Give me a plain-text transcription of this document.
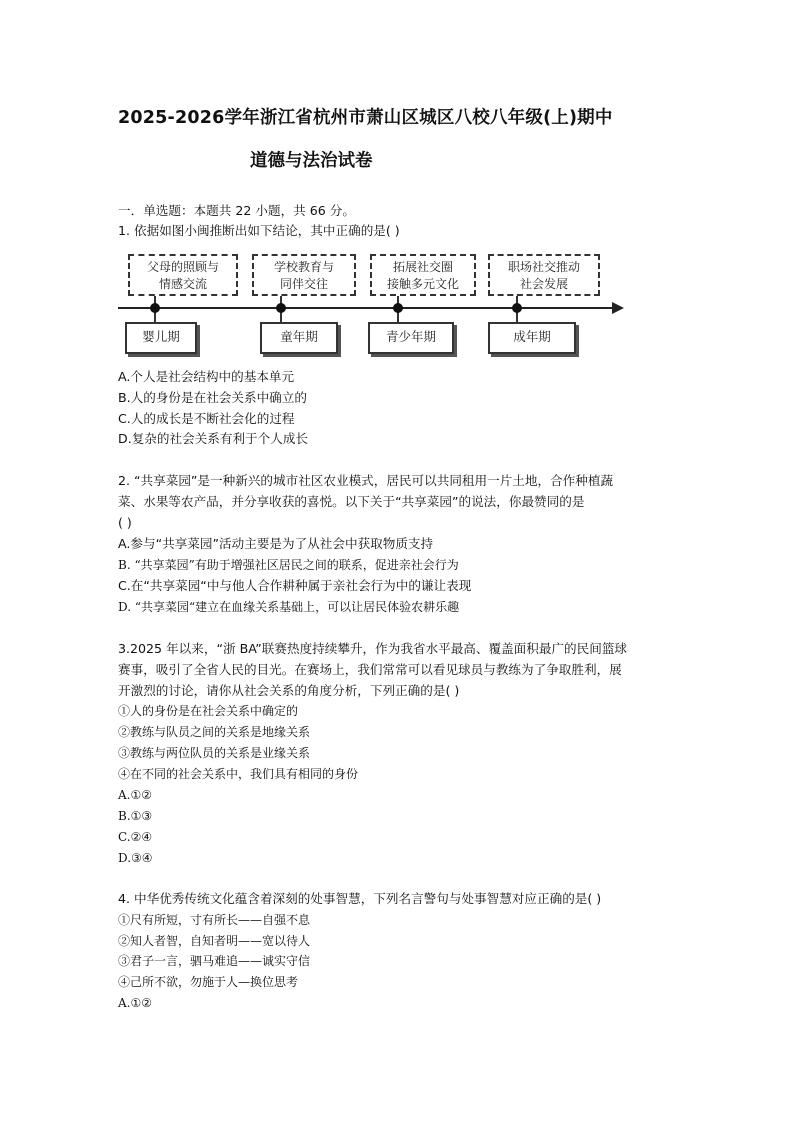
2025-2026学年浙江省杭州市萧山区城区八校八年级(上)期中
道德与法治试卷
一．单选题：本题共 22 小题，共 66 分。
1. 依据如图小闽推断出如下结论，其中正确的是( )
父母的照顾与
情感交流
学校教育与
同伴交往
拓展社交圈
接触多元文化
职场社交推动
社会发展
婴儿期	童年期	青少年期	成年期
A.个人是社会结构中的基本单元
B.人的身份是在社会关系中确立的
C.人的成长是不断社会化的过程
D.复杂的社会关系有利于个人成长
2. “共享菜园”是一种新兴的城市社区农业模式，居民可以共同租用一片土地，合作种植蔬
菜、水果等农产品，并分享收获的喜悦。以下关于“共享菜园”的说法，你最赞同的是
( )
A.参与“共享菜园”活动主要是为了从社会中获取物质支持
B. “共享菜园”有助于增强社区居民之间的联系，促进亲社会行为
C.在“共享菜园“中与他人合作耕种属于亲社会行为中的谦让表现
D. “共享菜园“建立在血缘关系基础上，可以让居民体验农耕乐趣
3.2025 年以来，“浙 BA”联赛热度持续攀升，作为我省水平最高、覆盖面积最广的民间篮球
赛事，吸引了全省人民的目光。在赛场上，我们常常可以看见球员与教练为了争取胜利，展
开激烈的讨论，请你从社会关系的角度分析，下列正确的是( )
①人的身份是在社会关系中确定的
②教练与队员之间的关系是地缘关系
③教练与两位队员的关系是业缘关系
④在不同的社会关系中，我们具有相同的身份
A.①②
B.①③
C.②④
D.③④
4. 中华优秀传统文化蕴含着深刻的处事智慧，下列名言警句与处事智慧对应正确的是( )
①尺有所短，寸有所长——自强不息
②知人者智，自知者明——宽以待人
③君子一言，驷马难追——诚实守信
④己所不欲，勿施于人—换位思考
A.①②
